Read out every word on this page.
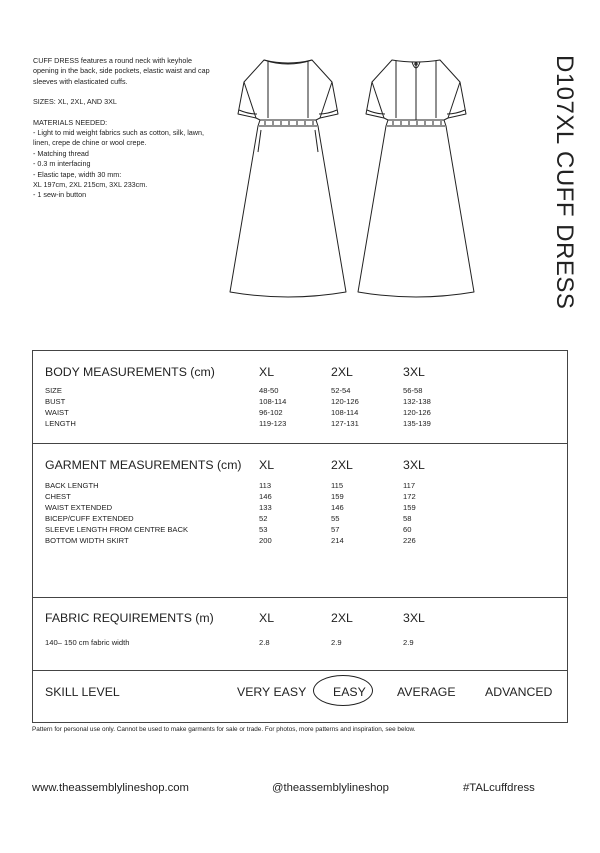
CUFF DRESS features a round neck with keyhole opening in the back, side pockets, elastic waist and cap sleeves with elasticated cuffs.

SIZES: XL, 2XL, AND 3XL

MATERIALS NEEDED:
- Light to mid weight fabrics such as cotton, silk, lawn, linen, crepe de chine or wool crepe.
- Matching thread
- 0.3 m interfacing
- Elastic tape, width 30 mm:
XL 197cm, 2XL 215cm, 3XL 233cm.
- 1 sew-in button	D107XL CUFF DRESS
BODY MEASUREMENTS (cm)	XL	2XL	3XL
SIZE	48-50	52-54	56-58
BUST	108-114	120-126	132-138
WAIST	96-102	108-114	120-126
LENGTH	119-123	127-131	135-139
GARMENT MEASUREMENTS (cm) XL	2XL	3XL
BACK LENGTH	113	115	117
CHEST	146	159	172
WAIST EXTENDED	133	146	159
BICEP/CUFF EXTENDED	52	55	58
SLEEVE LENGTH FROM CENTRE BACK	53	57	60
BOTTOM WIDTH SKIRT	200	214	226
FABRIC REQUIREMENTS (m)	XL	2XL	3XL
140– 150 cm fabric width	2.8	2.9	2.9
SKILL LEVEL	VERY EASY EASY	AVERAGE ADVANCED
Pattern for personal use only. Cannot be used to make garments for sale or trade. For photos, more patterns and inspiration, see below.
www.theassemblylineshop.com	@theassemblylineshop	#TALcuffdress
